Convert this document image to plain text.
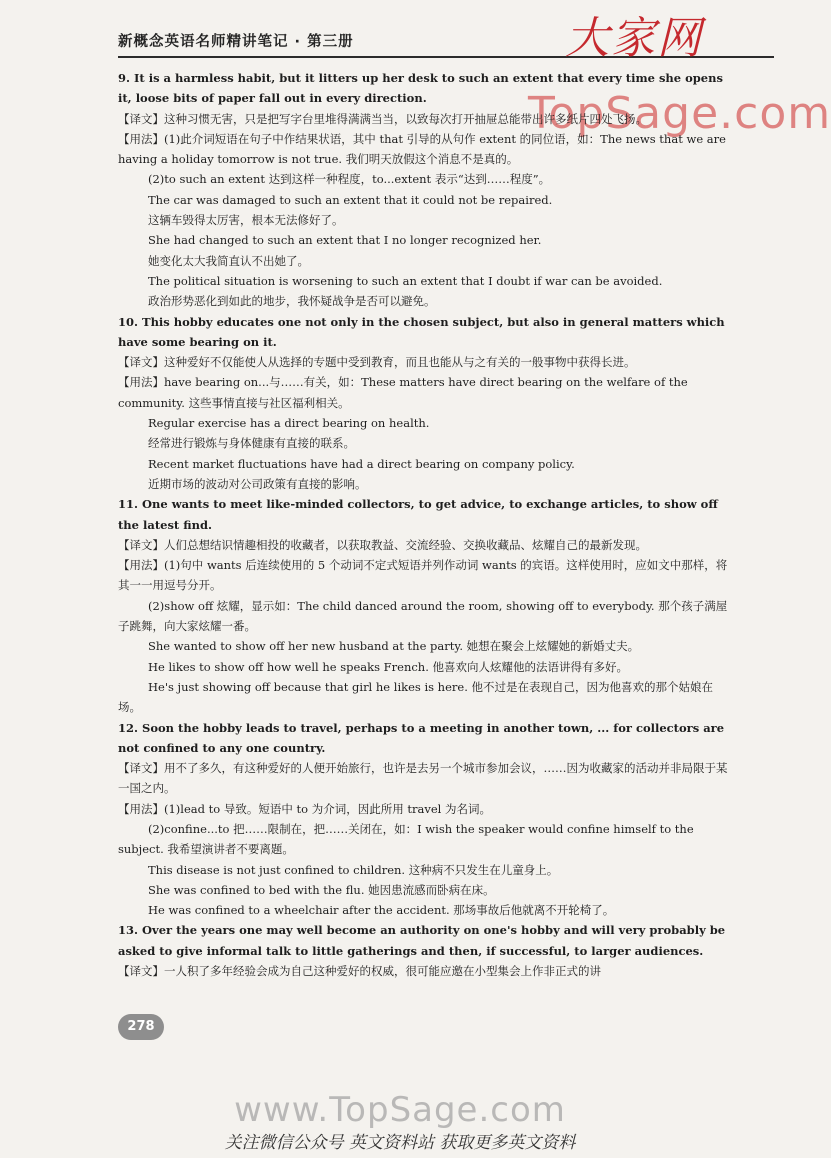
新概念英语名师精讲笔记 · 第三册	大家网
TopSage.com

9. It is a harmless habit, but it litters up her desk to such an extent that every time she opens it, loose bits of paper fall out in every direction.

【译文】这种习惯无害，只是把写字台里堆得满满当当，以致每次打开抽屉总能带出许多纸片四处飞扬。

【用法】(1)此介词短语在句子中作结果状语，其中 that 引导的从句作 extent 的同位语，如：The news that we are having a holiday tomorrow is not true. 我们明天放假这个消息不是真的。

(2)to such an extent 达到这样一种程度，to...extent 表示“达到……程度”。

The car was damaged to such an extent that it could not be repaired.

这辆车毁得太厉害，根本无法修好了。

She had changed to such an extent that I no longer recognized her.

她变化太大我简直认不出她了。

The political situation is worsening to such an extent that I doubt if war can be avoided.

政治形势恶化到如此的地步，我怀疑战争是否可以避免。

10. This hobby educates one not only in the chosen subject, but also in general matters which have some bearing on it.

【译文】这种爱好不仅能使人从选择的专题中受到教育，而且也能从与之有关的一般事物中获得长进。

【用法】have bearing on...与……有关，如：These matters have direct bearing on the welfare of the community. 这些事情直接与社区福利相关。

Regular exercise has a direct bearing on health.

经常进行锻炼与身体健康有直接的联系。

Recent market fluctuations have had a direct bearing on company policy.

近期市场的波动对公司政策有直接的影响。

11. One wants to meet like-minded collectors, to get advice, to exchange articles, to show off the latest find.

【译文】人们总想结识情趣相投的收藏者，以获取教益、交流经验、交换收藏品、炫耀自己的最新发现。

【用法】(1)句中 wants 后连续使用的 5 个动词不定式短语并列作动词 wants 的宾语。这样使用时，应如文中那样，将其一一用逗号分开。

(2)show off 炫耀，显示如：The child danced around the room, showing off to everybody. 那个孩子满屋子跳舞，向大家炫耀一番。

She wanted to show off her new husband at the party. 她想在聚会上炫耀她的新婚丈夫。

He likes to show off how well he speaks French. 他喜欢向人炫耀他的法语讲得有多好。

He's just showing off because that girl he likes is here. 他不过是在表现自己，因为他喜欢的那个姑娘在场。

12. Soon the hobby leads to travel, perhaps to a meeting in another town, ... for collectors are not confined to any one country.

【译文】用不了多久，有这种爱好的人便开始旅行，也许是去另一个城市参加会议，……因为收藏家的活动并非局限于某一国之内。

【用法】(1)lead to 导致。短语中 to 为介词，因此所用 travel 为名词。

(2)confine...to 把……限制在，把……关闭在，如：I wish the speaker would confine himself to the subject. 我希望演讲者不要离题。

This disease is not just confined to children. 这种病不只发生在儿童身上。

She was confined to bed with the flu. 她因患流感而卧病在床。

He was confined to a wheelchair after the accident. 那场事故后他就离不开轮椅了。

13. Over the years one may well become an authority on one's hobby and will very probably be asked to give informal talk to little gatherings and then, if successful, to larger audiences.

【译文】一人积了多年经验会成为自己这种爱好的权威，很可能应邀在小型集会上作非正式的讲

278
www.TopSage.com
关注微信公众号 英文资料站 获取更多英文资料
